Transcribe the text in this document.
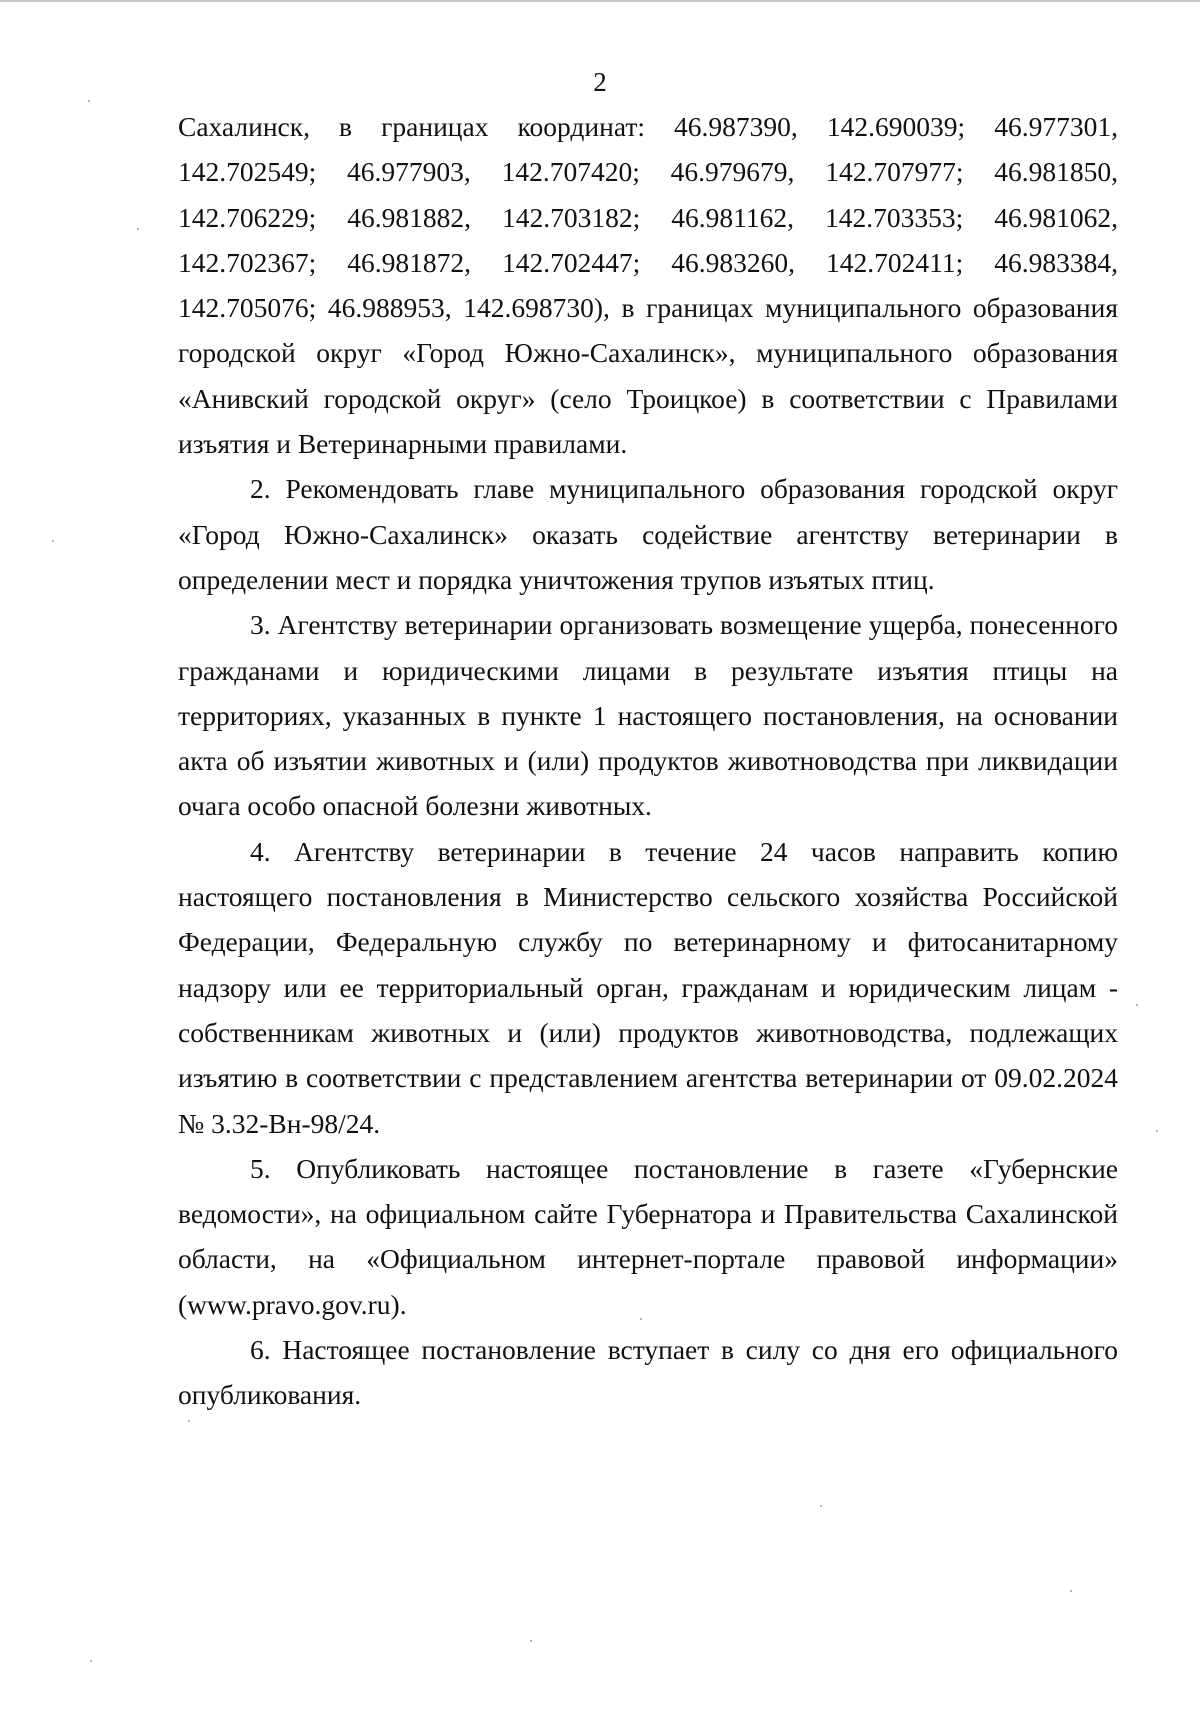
2

Сахалинск, в границах координат: 46.987390, 142.690039; 46.977301,

142.702549; 46.977903, 142.707420; 46.979679, 142.707977; 46.981850,

142.706229; 46.981882, 142.703182; 46.981162, 142.703353; 46.981062,

142.702367; 46.981872, 142.702447; 46.983260, 142.702411; 46.983384,

142.705076; 46.988953, 142.698730), в границах муниципального образования городской округ «Город Южно-Сахалинск», муниципального образования «Анивский городской округ» (село Троицкое) в соответствии с Правилами изъятия и Ветеринарными правилами.

2. Рекомендовать главе муниципального образования городской округ «Город Южно-Сахалинск» оказать содействие агентству ветеринарии в определении мест и порядка уничтожения трупов изъятых птиц.

3. Агентству ветеринарии организовать возмещение ущерба, понесенного гражданами и юридическими лицами в результате изъятия птицы на территориях, указанных в пункте 1 настоящего постановления, на основании акта об изъятии животных и (или) продуктов животноводства при ликвидации очага особо опасной болезни животных.

4. Агентству ветеринарии в течение 24 часов направить копию настоящего постановления в Министерство сельского хозяйства Российской Федерации, Федеральную службу по ветеринарному и фитосанитарному надзору или ее территориальный орган, гражданам и юридическим лицам - собственникам животных и (или) продуктов животноводства, подлежащих изъятию в соответствии с представлением агентства ветеринарии от 09.02.2024

№ 3.32-Вн-98/24.

5. Опубликовать настоящее постановление в газете «Губернские ведомости», на официальном сайте Губернатора и Правительства Сахалинской области, на «Официальном интернет-портале правовой информации»

(www.pravo.gov.ru).

6. Настоящее постановление вступает в силу со дня его официального опубликования.
